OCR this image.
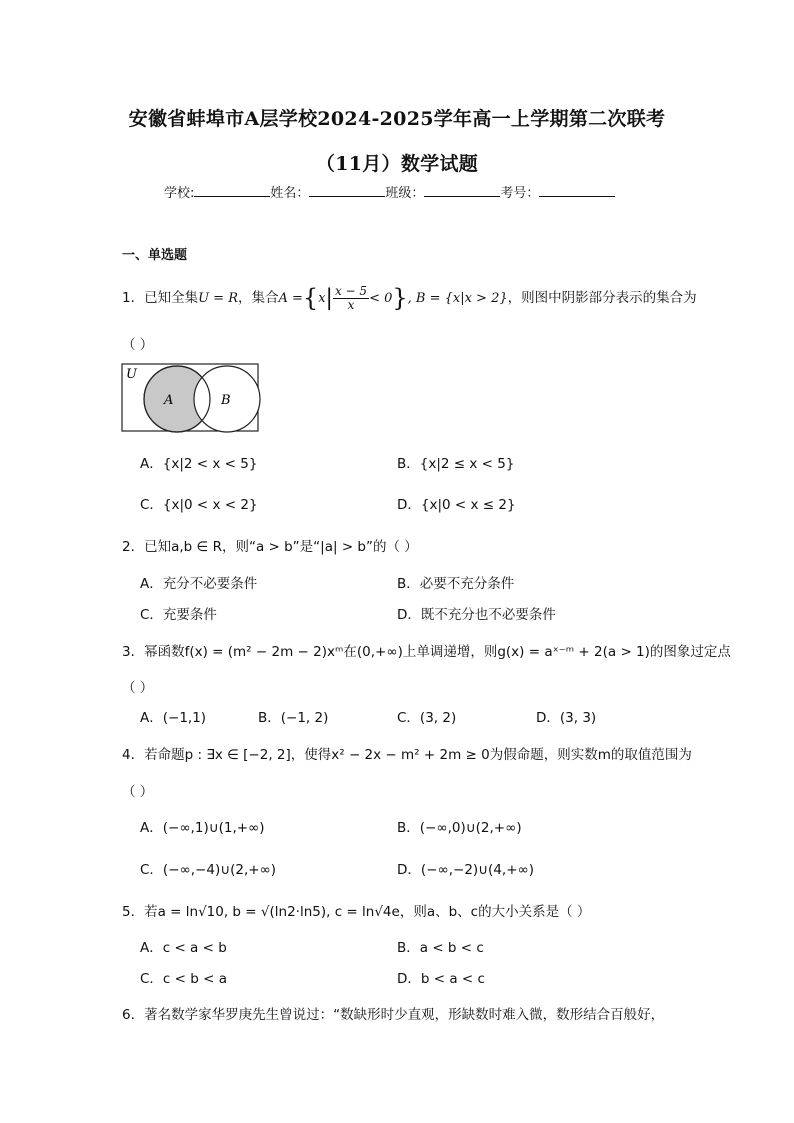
安徽省蚌埠市A层学校2024-2025学年高一上学期第二次联考
（11月）数学试题
学校:	姓名：	班级：	考号：
一、单选题
1．已知全集U = R，集合$A =\{x| \frac{x - 5}{x} < 0\}$, B = {x|x > 2}，则图中阴影部分表示的集合为
（ ）
U
A	B
A．{x|2 < x < 5}	B．{x|2 ≤ x < 5}
C．{x|0 < x < 2}	D．{x|0 < x ≤ 2}
2．已知a,b ∈ R，则“a > b”是“|a| > b”的（ ）
A．充分不必要条件	B．必要不充分条件
C．充要条件	D．既不充分也不必要条件
3．幂函数f(x) = (m² − 2m − 2)xᵐ在(0,+∞)上单调递增，则g(x) = aˣ⁻ᵐ + 2(a > 1)的图象过定点
（ ）
A．(−1,1)	B．(−1, 2)	C．(3, 2)	D．(3, 3)
4．若命题p : ∃x ∈ [−2, 2]，使得x² − 2x − m² + 2m ≥ 0为假命题，则实数m的取值范围为
（ ）
A．(−∞,1)∪(1,+∞)	B．(−∞,0)∪(2,+∞)
C．(−∞,−4)∪(2,+∞)	D．(−∞,−2)∪(4,+∞)
5．若a = ln√10, b = √(ln2·ln5), c = ln√4e，则a、b、c的大小关系是（ ）
A．c < a < b	B．a < b < c
C．c < b < a	D．b < a < c
6．著名数学家华罗庚先生曾说过：“数缺形时少直观，形缺数时难入微，数形结合百般好，
